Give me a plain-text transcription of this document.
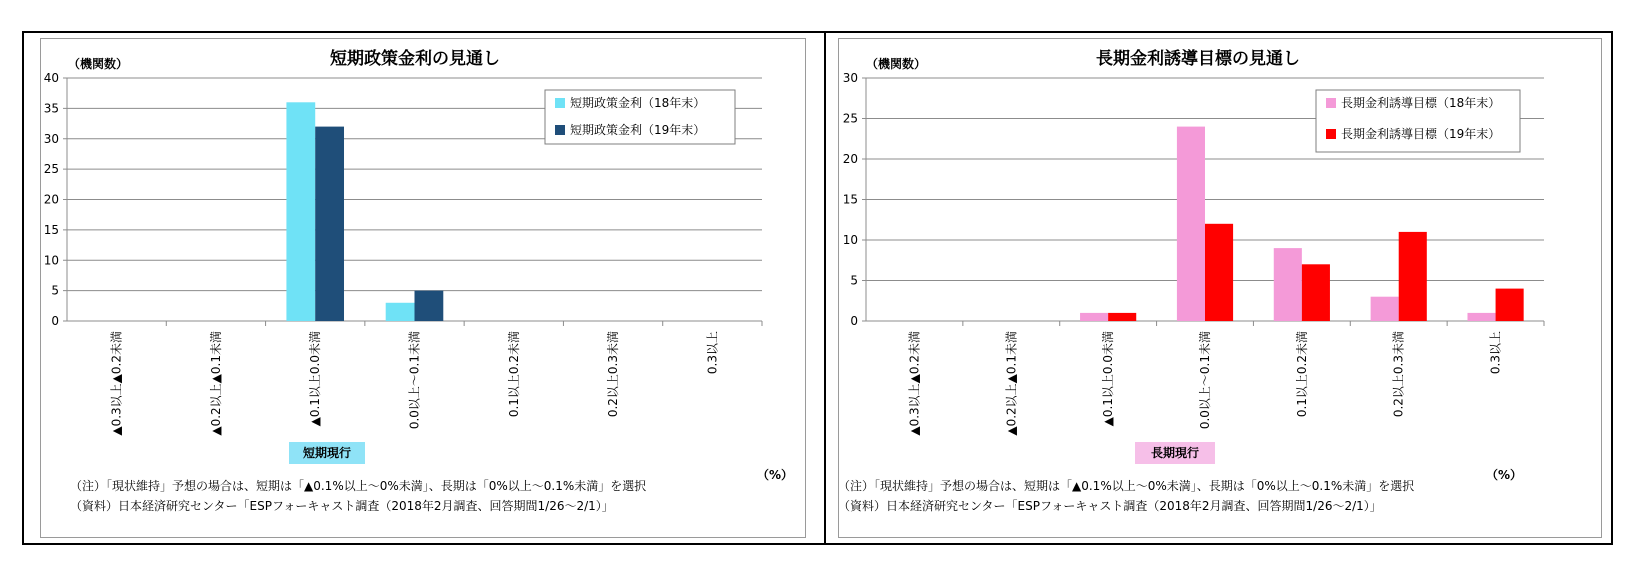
短期政策金利の見通し
（機関数）
0
5
10
15
20
25
30
35
40
▲0.3以上▲0.2未満	▲0.2以上▲0.1未満	▲0.1以上0.0未満	0.0以上～0.1未満	0.1以上0.2未満	0.2以上0.3未満	0.3以上
短期政策金利（18年末）
短期政策金利（19年末）
短期現行
（%）
（注）「現状維持」予想の場合は、短期は「▲0.1%以上～0%未満」、長期は「0%以上～0.1%未満」を選択
（資料）日本経済研究センター「ESPフォーキャスト調査（2018年2月調査、回答期間1/26～2/1）」
長期金利誘導目標の見通し
（機関数）
0
5
10
15
20
25
30
▲0.3以上▲0.2未満	▲0.2以上▲0.1未満	▲0.1以上0.0未満	0.0以上～0.1未満	0.1以上0.2未満	0.2以上0.3未満	0.3以上
長期金利誘導目標（18年末）
長期金利誘導目標（19年末）
長期現行
（%）
（注）「現状維持」予想の場合は、短期は「▲0.1%以上～0%未満」、長期は「0%以上～0.1%未満」を選択
（資料）日本経済研究センター「ESPフォーキャスト調査（2018年2月調査、回答期間1/26～2/1）」
